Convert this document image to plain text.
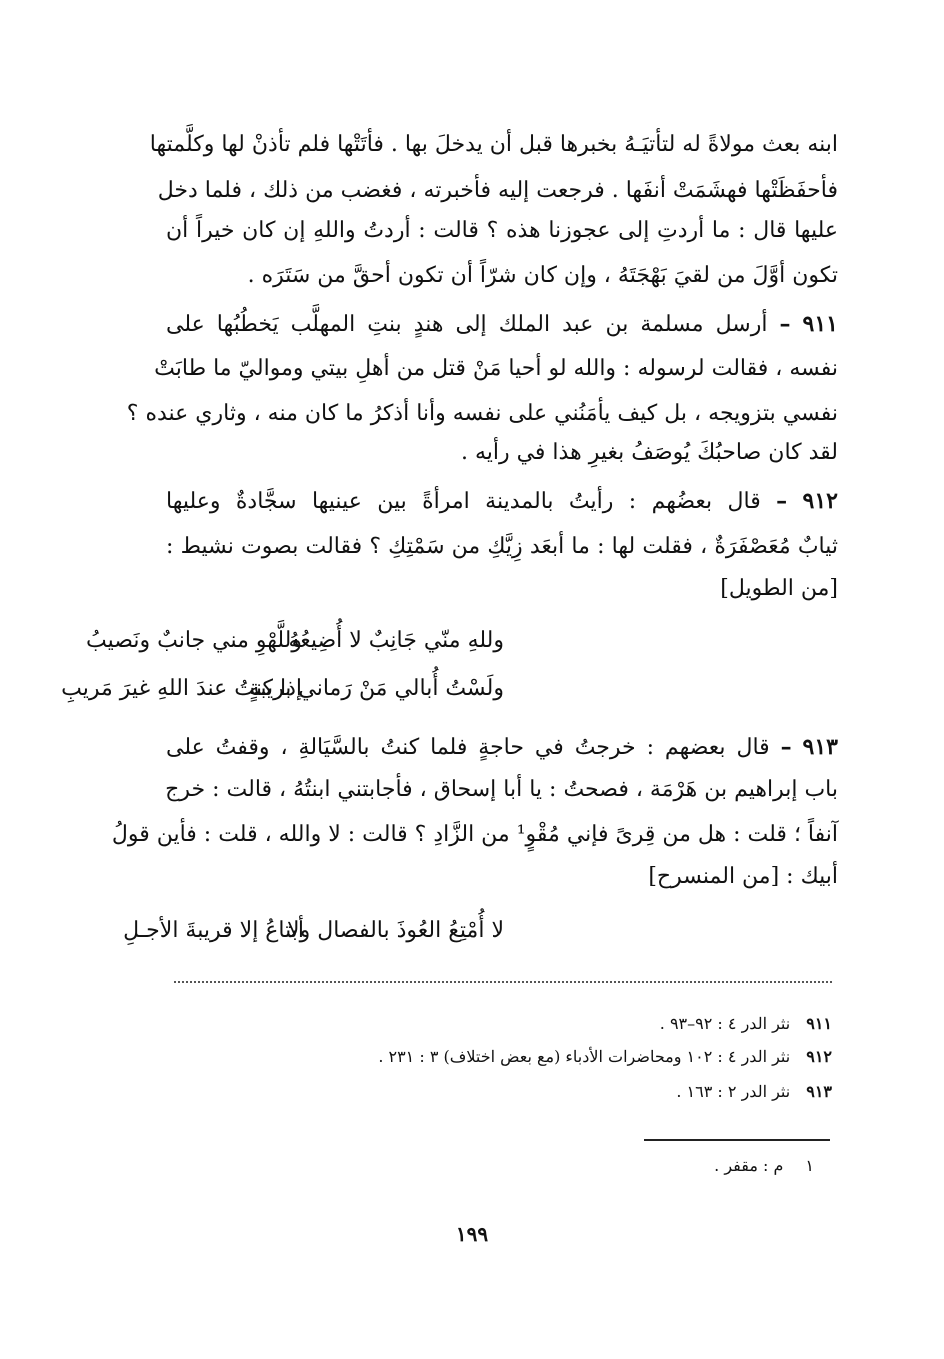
ابنه بعث مولاةً له لتأتيَـهُ بخبرها قبل أن يدخلَ بها . فأتَتْها فلم تأذنْ لها وكلَّمتها
فأحفَظَتْها فهشَمَتْ أنفَها . فرجعت إليه فأخبرته ، فغضب من ذلك ، فلما دخل
عليها قال : ما أردتِ إلى عجوزنا هذه ؟ قالت : أردتُ واللهِ إن كان خيراً أن
تكون أوَّلَ من لقيَ بَهْجَتَهُ ، وإن كان شرّاً أن تكون أحقَّ من سَتَرَه .
٩١١ – أرسل مسلمة بن عبد الملك إلى هندٍ بنتِ المهلَّب يَخطُبُها على
نفسه ، فقالت لرسوله : والله لو أحيا مَنْ قتل من أهلِ بيتي ومواليّ ما طابَتْ
نفسي بتزويجه ، بل كيف يأمَنُني على نفسه وأنا أذكرُ ما كان منه ، وثاري عنده ؟
لقد كان صاحبُكَ يُوصَفُ بغيرِ هذا في رأيه .
٩١٢ – قال بعضُهم : رأيتُ بالمدينة امرأةً بين عينيها سجَّادةٌ وعليها
ثيابٌ مُعَصْفَرَةٌ ، فقلت لها : ما أبعَد زِيَّكِ من سَمْتِكِ ؟ فقالت بصوت نشيط :
[من الطويل]
وللهِ منّي جَانِبٌ لا أُضِيعُهُ
وللَّهْوِ مني جانبٌ ونَصيبُ
ولَسْتُ أُبالي مَنْ رَماني بريبةٍ
إذا كنتُ عندَ اللهِ غيرَ مَريبِ
٩١٣ – قال بعضهم : خرجتُ في حاجةٍ فلما كنتُ بالسَّيَالةِ ، وقفتُ على
باب إبراهيم بن هَرْمَة ، فصحتُ : يا أبا إسحاق ، فأجابتني ابنتُهُ ، قالت : خرج
آنفاً ؛ قلت : هل من قِرىً فإني مُقْوٍ¹ من الزَّادِ ؟ قالت : لا والله ، قلت : فأين قولُ
أبيك : [من المنسرح]
لا أُمْتِعُ العُوذَ بالفصال ولا
أبتاعُ إلا قريبةَ الأجـلِ
٩١١نثر الدر ٤ : ٩٢–٩٣ .
٩١٢نثر الدر ٤ : ١٠٢ ومحاضرات الأدباء (مع بعض اختلاف) ٣ : ٢٣١ .
٩١٣نثر الدر ٢ : ١٦٣ .
١م : مقفر .
١٩٩
